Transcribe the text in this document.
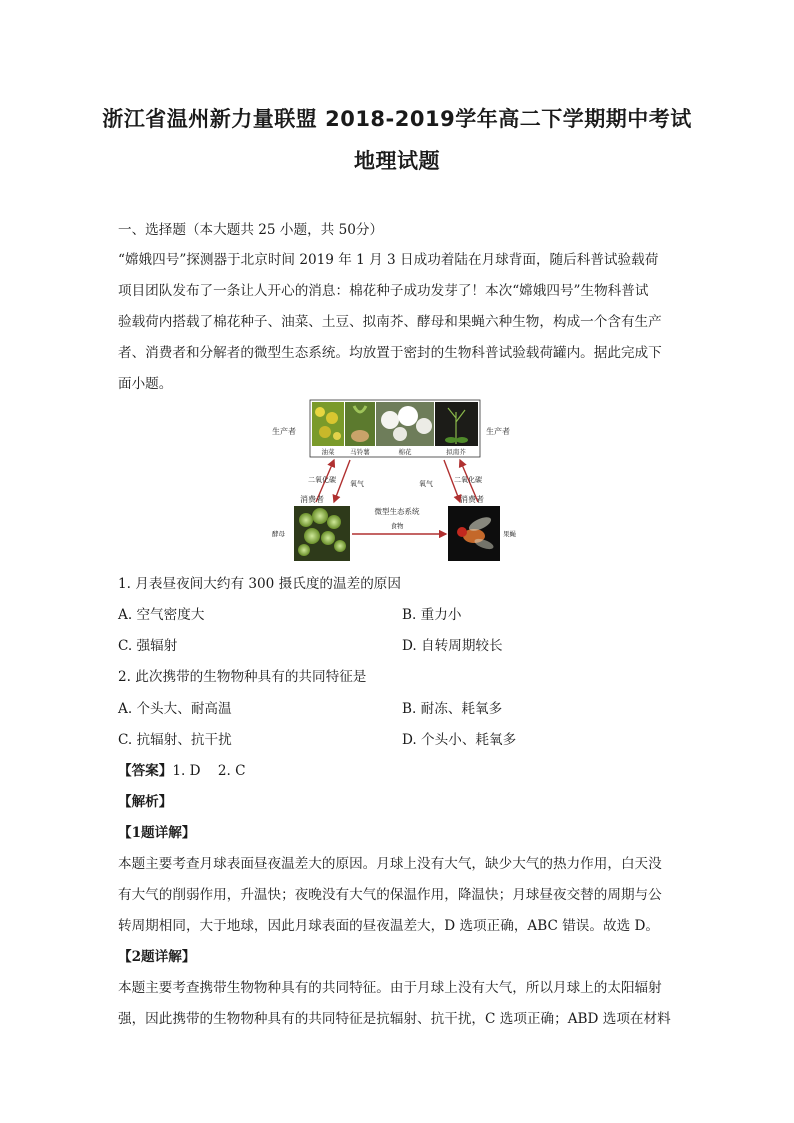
浙江省温州新力量联盟 2018-2019学年高二下学期期中考试
地理试题
一、选择题（本大题共 25 小题，共 50分）
“嫦娥四号”探测器于北京时间 2019 年 1 月 3 日成功着陆在月球背面，随后科普试验载荷
项目团队发布了一条让人开心的消息：棉花种子成功发芽了！本次“嫦娥四号”生物科普试
验载荷内搭载了棉花种子、油菜、土豆、拟南芥、酵母和果蝇六种生物，构成一个含有生产
者、消费者和分解者的微型生态系统。均放置于密封的生物科普试验载荷罐内。据此完成下
面小题。
生产者	生产者
油菜 马铃薯	棉花	拟南芥
二氧化碳 氧气	氧气	二氧化碳
消费者	消费者
酵母
微型生态系统
食物
果蝇
1. 月表昼夜间大约有 300 摄氏度的温差的原因
A. 空气密度大	B. 重力小
C. 强辐射	D. 自转周期较长
2. 此次携带的生物物种具有的共同特征是
A. 个头大、耐高温	B. 耐冻、耗氧多
C. 抗辐射、抗干扰	D. 个头小、耗氧多
【答案】1. D    2. C
【解析】
【1题详解】
本题主要考查月球表面昼夜温差大的原因。月球上没有大气，缺少大气的热力作用，白天没
有大气的削弱作用，升温快；夜晚没有大气的保温作用，降温快；月球昼夜交替的周期与公
转周期相同，大于地球，因此月球表面的昼夜温差大，D 选项正确，ABC 错误。故选 D。
【2题详解】
本题主要考查携带生物物种具有的共同特征。由于月球上没有大气，所以月球上的太阳辐射
强，因此携带的生物物种具有的共同特征是抗辐射、抗干扰，C 选项正确；ABD 选项在材料
